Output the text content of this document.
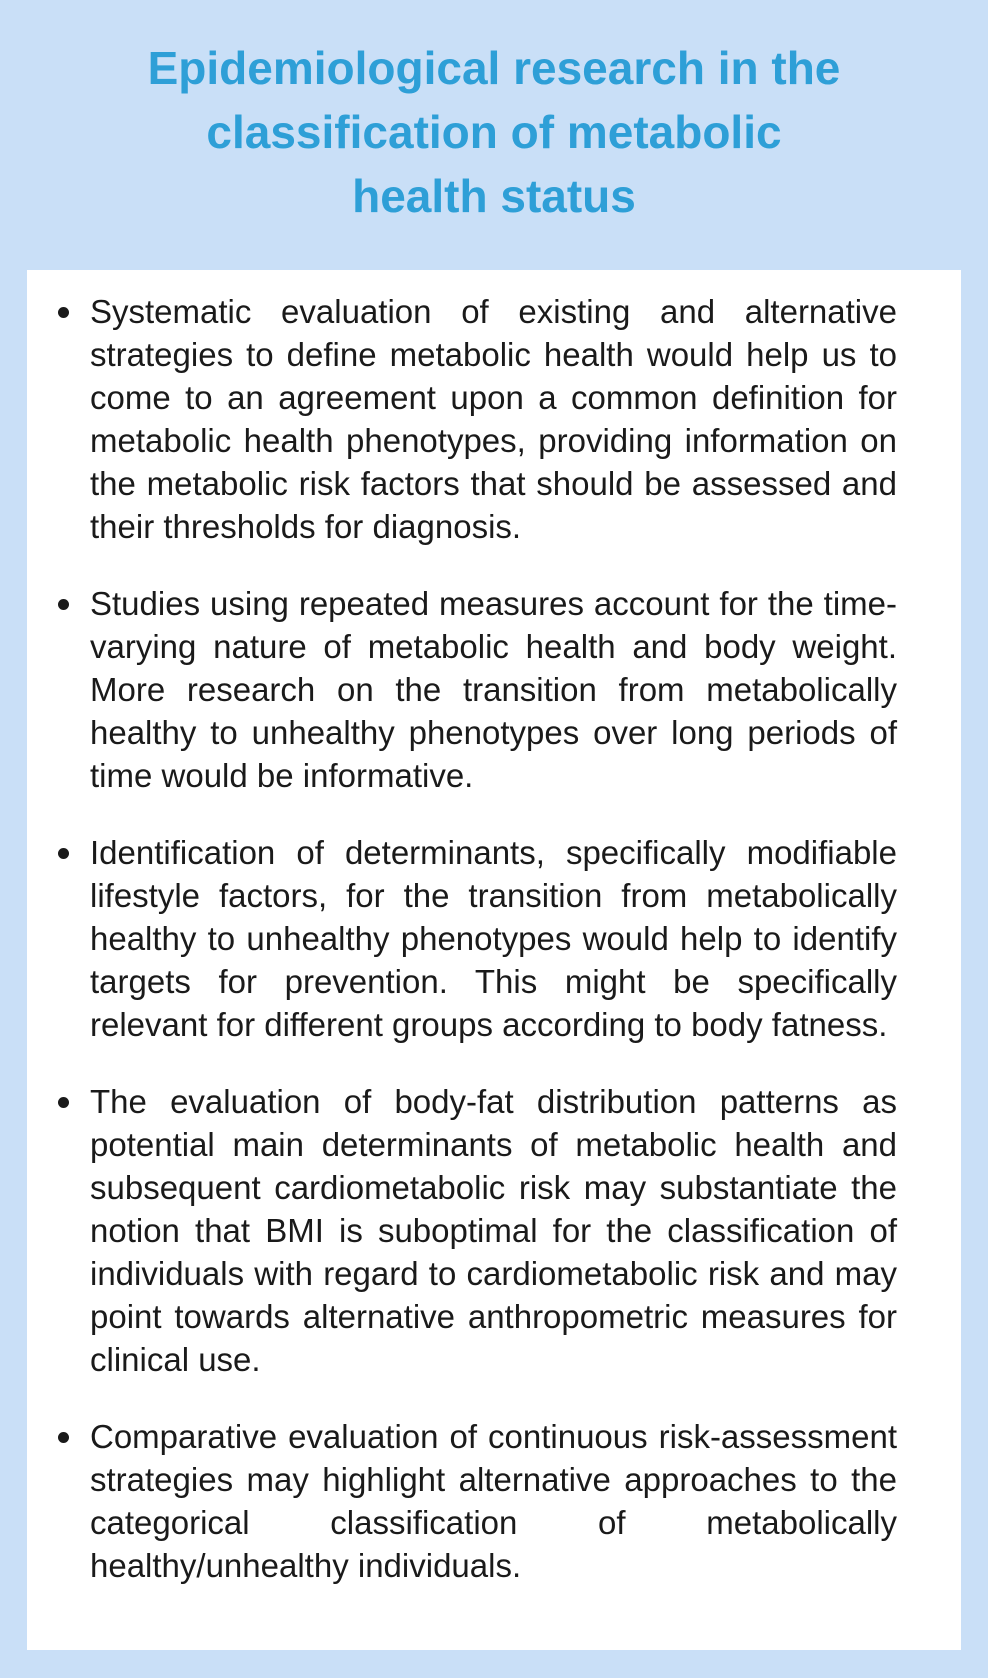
Epidemiological research in the
classification of metabolic
health status
Systematic evaluation of existing and alternative strategies to define metabolic health would help us to come to an agreement upon a common definition for metabolic health phenotypes, providing information on the metabolic risk factors that should be assessed and their thresholds for diagnosis.
Studies using repeated measures account for the time-varying nature of metabolic health and body weight. More research on the transition from metabolically healthy to unhealthy phenotypes over long periods of time would be informative.
Identification of determinants, specifically modifiable lifestyle factors, for the transition from metabolically healthy to unhealthy phenotypes would help to identify targets for prevention. This might be specifically relevant for different groups according to body fatness.
The evaluation of body-fat distribution patterns as potential main determinants of metabolic health and subsequent cardiometabolic risk may substantiate the notion that BMI is suboptimal for the classification of individuals with regard to cardiometabolic risk and may point towards alternative anthropometric measures for clinical use.
Comparative evaluation of continuous risk-assessment strategies may highlight alternative approaches to the categorical classification of metabolically healthy/unhealthy individuals.
